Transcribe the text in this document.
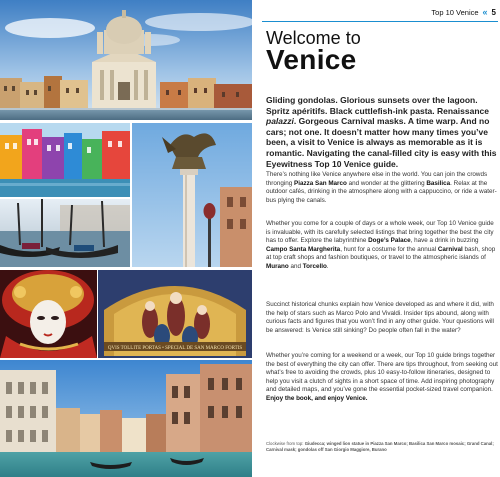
QVIS TOLLITE PORTAS • SPECIAL DE SAN MARCO FORTIS
Top 10 Venice « 5
Welcome to
Venice

Gliding gondolas. Glorious sunsets over the lagoon. Spritz apéritifs. Black cuttlefish-ink pasta. Renaissance palazzi. Gorgeous Carnival masks. A time warp. And no cars; not one. It doesn’t matter how many times you’ve been, a visit to Venice is always as memorable as it is romantic. Navigating the canal-filled city is easy with this Eyewitness Top 10 Venice guide.

There’s nothing like Venice anywhere else in the world. You can join the crowds thronging Piazza San Marco and wonder at the glittering Basilica. Relax at the outdoor cafés, drinking in the atmosphere along with a cappuccino, or ride a water-bus plying the canals.

Whether you come for a couple of days or a whole week, our Top 10 Venice guide is invaluable, with its carefully selected listings that bring together the best the city has to offer. Explore the labyrinthine Doge’s Palace, have a drink in buzzing Campo Santa Margherita, hunt for a costume for the annual Carnival bash, shop at top craft shops and fashion boutiques, or travel to the atmospheric islands of Murano and Torcello.

Succinct historical chunks explain how Venice developed as and where it did, with the help of stars such as Marco Polo and Vivaldi. Insider tips abound, along with curious facts and figures that you won’t find in any other guide. Your questions will be answered: Is Venice still sinking? Do people often fall in the water?

Whether you’re coming for a weekend or a week, our Top 10 guide brings together the best of everything the city can offer. There are tips throughout, from seeking out what’s free to avoiding the crowds, plus 10 easy-to-follow itineraries, designed to help you visit a clutch of sights in a short space of time. Add inspiring photography and detailed maps, and you’ve gone the essential pocket-sized travel companion. Enjoy the book, and enjoy Venice.

Clockwise from top: Giudecca; winged lion statue in Piazza San Marco; Basilica San Marco mosaic; Grand Canal; Carnival mask; gondolas off San Giorgio Maggiore, Burano
